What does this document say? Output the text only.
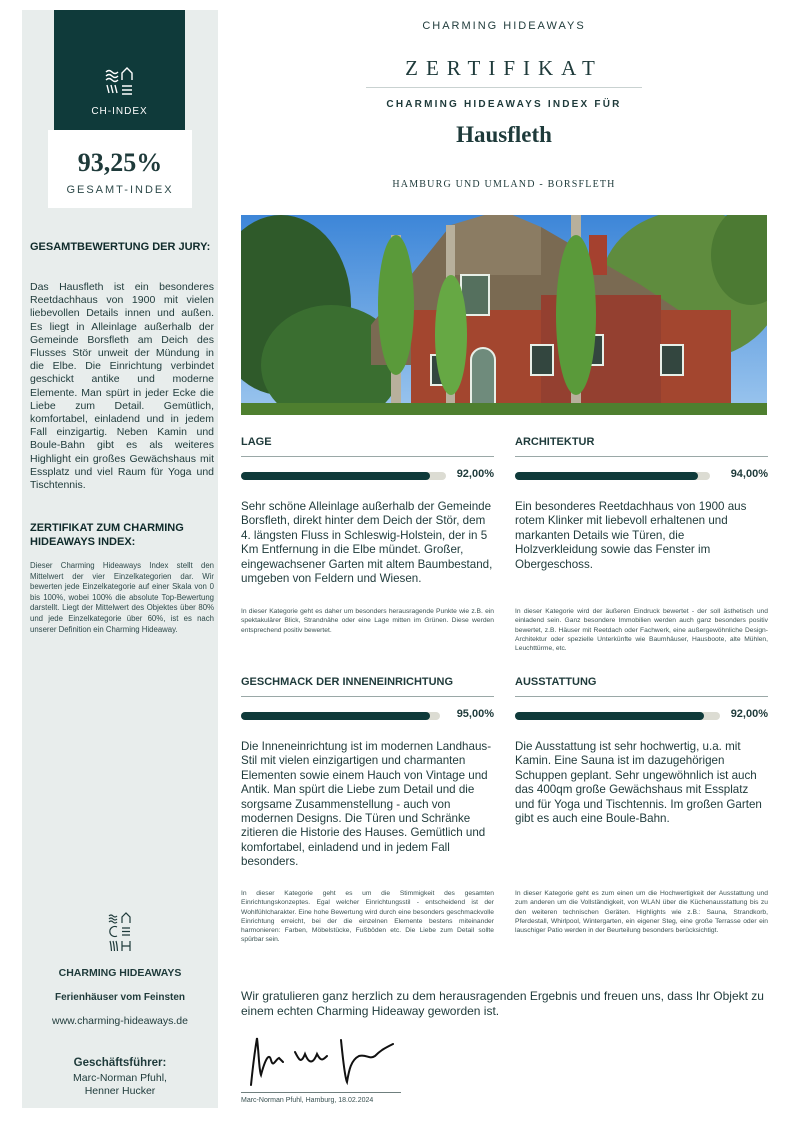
CH-INDEX
93,25%
GESAMT-INDEX
GESAMTBEWERTUNG DER JURY:
Das Hausfleth ist ein besonderes Reetdachhaus von 1900 mit vielen liebevollen Details innen und außen. Es liegt in Alleinlage außerhalb der Gemeinde Borsfleth am Deich des Flusses Stör unweit der Mündung in die Elbe. Die Einrichtung verbindet geschickt antike und moderne Elemente. Man spürt in jeder Ecke die Liebe zum Detail. Gemütlich, komfortabel, einladend und in jedem Fall einzigartig. Neben Kamin und Boule-Bahn gibt es als weiteres Highlight ein großes Gewächshaus mit Essplatz und viel Raum für Yoga und Tischtennis.
ZERTIFIKAT ZUM CHARMING HIDEAWAYS INDEX:
Dieser Charming Hideaways Index stellt den Mittelwert der vier Einzelkategorien dar. Wir bewerten jede Einzelkategorie auf einer Skala von 0 bis 100%, wobei 100% die absolute Top-Bewertung darstellt. Liegt der Mittelwert des Objektes über 80% und jede Einzelkategorie über 60%, ist es nach unserer Definition ein Charming Hideaway.
CHARMING HIDEAWAYS
Ferienhäuser vom Feinsten
www.charming-hideaways.de
Geschäftsführer:
Marc-Norman Pfuhl,
Henner Hucker
CHARMING HIDEAWAYS
ZERTIFIKAT
CHARMING HIDEAWAYS INDEX FÜR
Hausfleth
HAMBURG UND UMLAND - BORSFLETH
LAGE
92,00%
Sehr schöne Alleinlage außerhalb der Gemeinde Borsfleth, direkt hinter dem Deich der Stör, dem 4. längsten Fluss in Schleswig-Holstein, der in 5 Km Entfernung in die Elbe mündet. Großer, eingewachsener Garten mit altem Baumbestand, umgeben von Feldern und Wiesen.
In dieser Kategorie geht es daher um besonders herausragende Punkte wie z.B. ein spektakulärer Blick, Strandnähe oder eine Lage mitten im Grünen. Diese werden entsprechend positiv bewertet.
ARCHITEKTUR
94,00%
Ein besonderes Reetdachhaus von 1900 aus rotem Klinker mit liebevoll erhaltenen und markanten Details wie Türen, die Holzverkleidung sowie das Fenster im Obergeschoss.
In dieser Kategorie wird der äußeren Eindruck bewertet - der soll ästhetisch und einladend sein. Ganz besondere Immobilien werden auch ganz besonders positiv bewertet, z.B. Häuser mit Reetdach oder Fachwerk, eine außergewöhnliche Design-Architektur oder spezielle Unterkünfte wie Baumhäuser, Hausboote, alte Mühlen, Leuchttürme, etc.
GESCHMACK DER INNENEINRICHTUNG
95,00%
Die Inneneinrichtung ist im modernen Landhaus-Stil mit vielen einzigartigen und charmanten Elementen sowie einem Hauch von Vintage und Antik. Man spürt die Liebe zum Detail und die sorgsame Zusammenstellung - auch von modernen Designs. Die Türen und Schränke zitieren die Historie des Hauses. Gemütlich und komfortabel, einladend und in jedem Fall besonders.
In dieser Kategorie geht es um die Stimmigkeit des gesamten Einrichtungskonzeptes. Egal welcher Einrichtungsstil - entscheidend ist der Wohlfühlcharakter. Eine hohe Bewertung wird durch eine besonders geschmackvolle Einrichtung erreicht, bei der die einzelnen Elemente bestens miteinander harmonieren: Farben, Möbelstücke, Fußböden etc. Die Liebe zum Detail sollte spürbar sein.
AUSSTATTUNG
92,00%
Die Ausstattung ist sehr hochwertig, u.a. mit Kamin. Eine Sauna ist im dazugehörigen Schuppen geplant. Sehr ungewöhnlich ist auch das 400qm große Gewächshaus mit Essplatz und für Yoga und Tischtennis. Im großen Garten gibt es auch eine Boule-Bahn.
In dieser Kategorie geht es zum einen um die Hochwertigkeit der Ausstattung und zum anderen um die Vollständigkeit, von WLAN über die Küchenausstattung bis zu den weiteren technischen Geräten. Highlights wie z.B.: Sauna, Strandkorb, Pferdestall, Whirlpool, Wintergarten, ein eigener Steg, eine große Terrasse oder ein lauschiger Patio werden in der Beurteilung besonders berücksichtigt.
Wir gratulieren ganz herzlich zu dem herausragenden Ergebnis und freuen uns, dass Ihr Objekt zu einem echten Charming Hideaway geworden ist.
Marc-Norman Pfuhl, Hamburg, 18.02.2024
